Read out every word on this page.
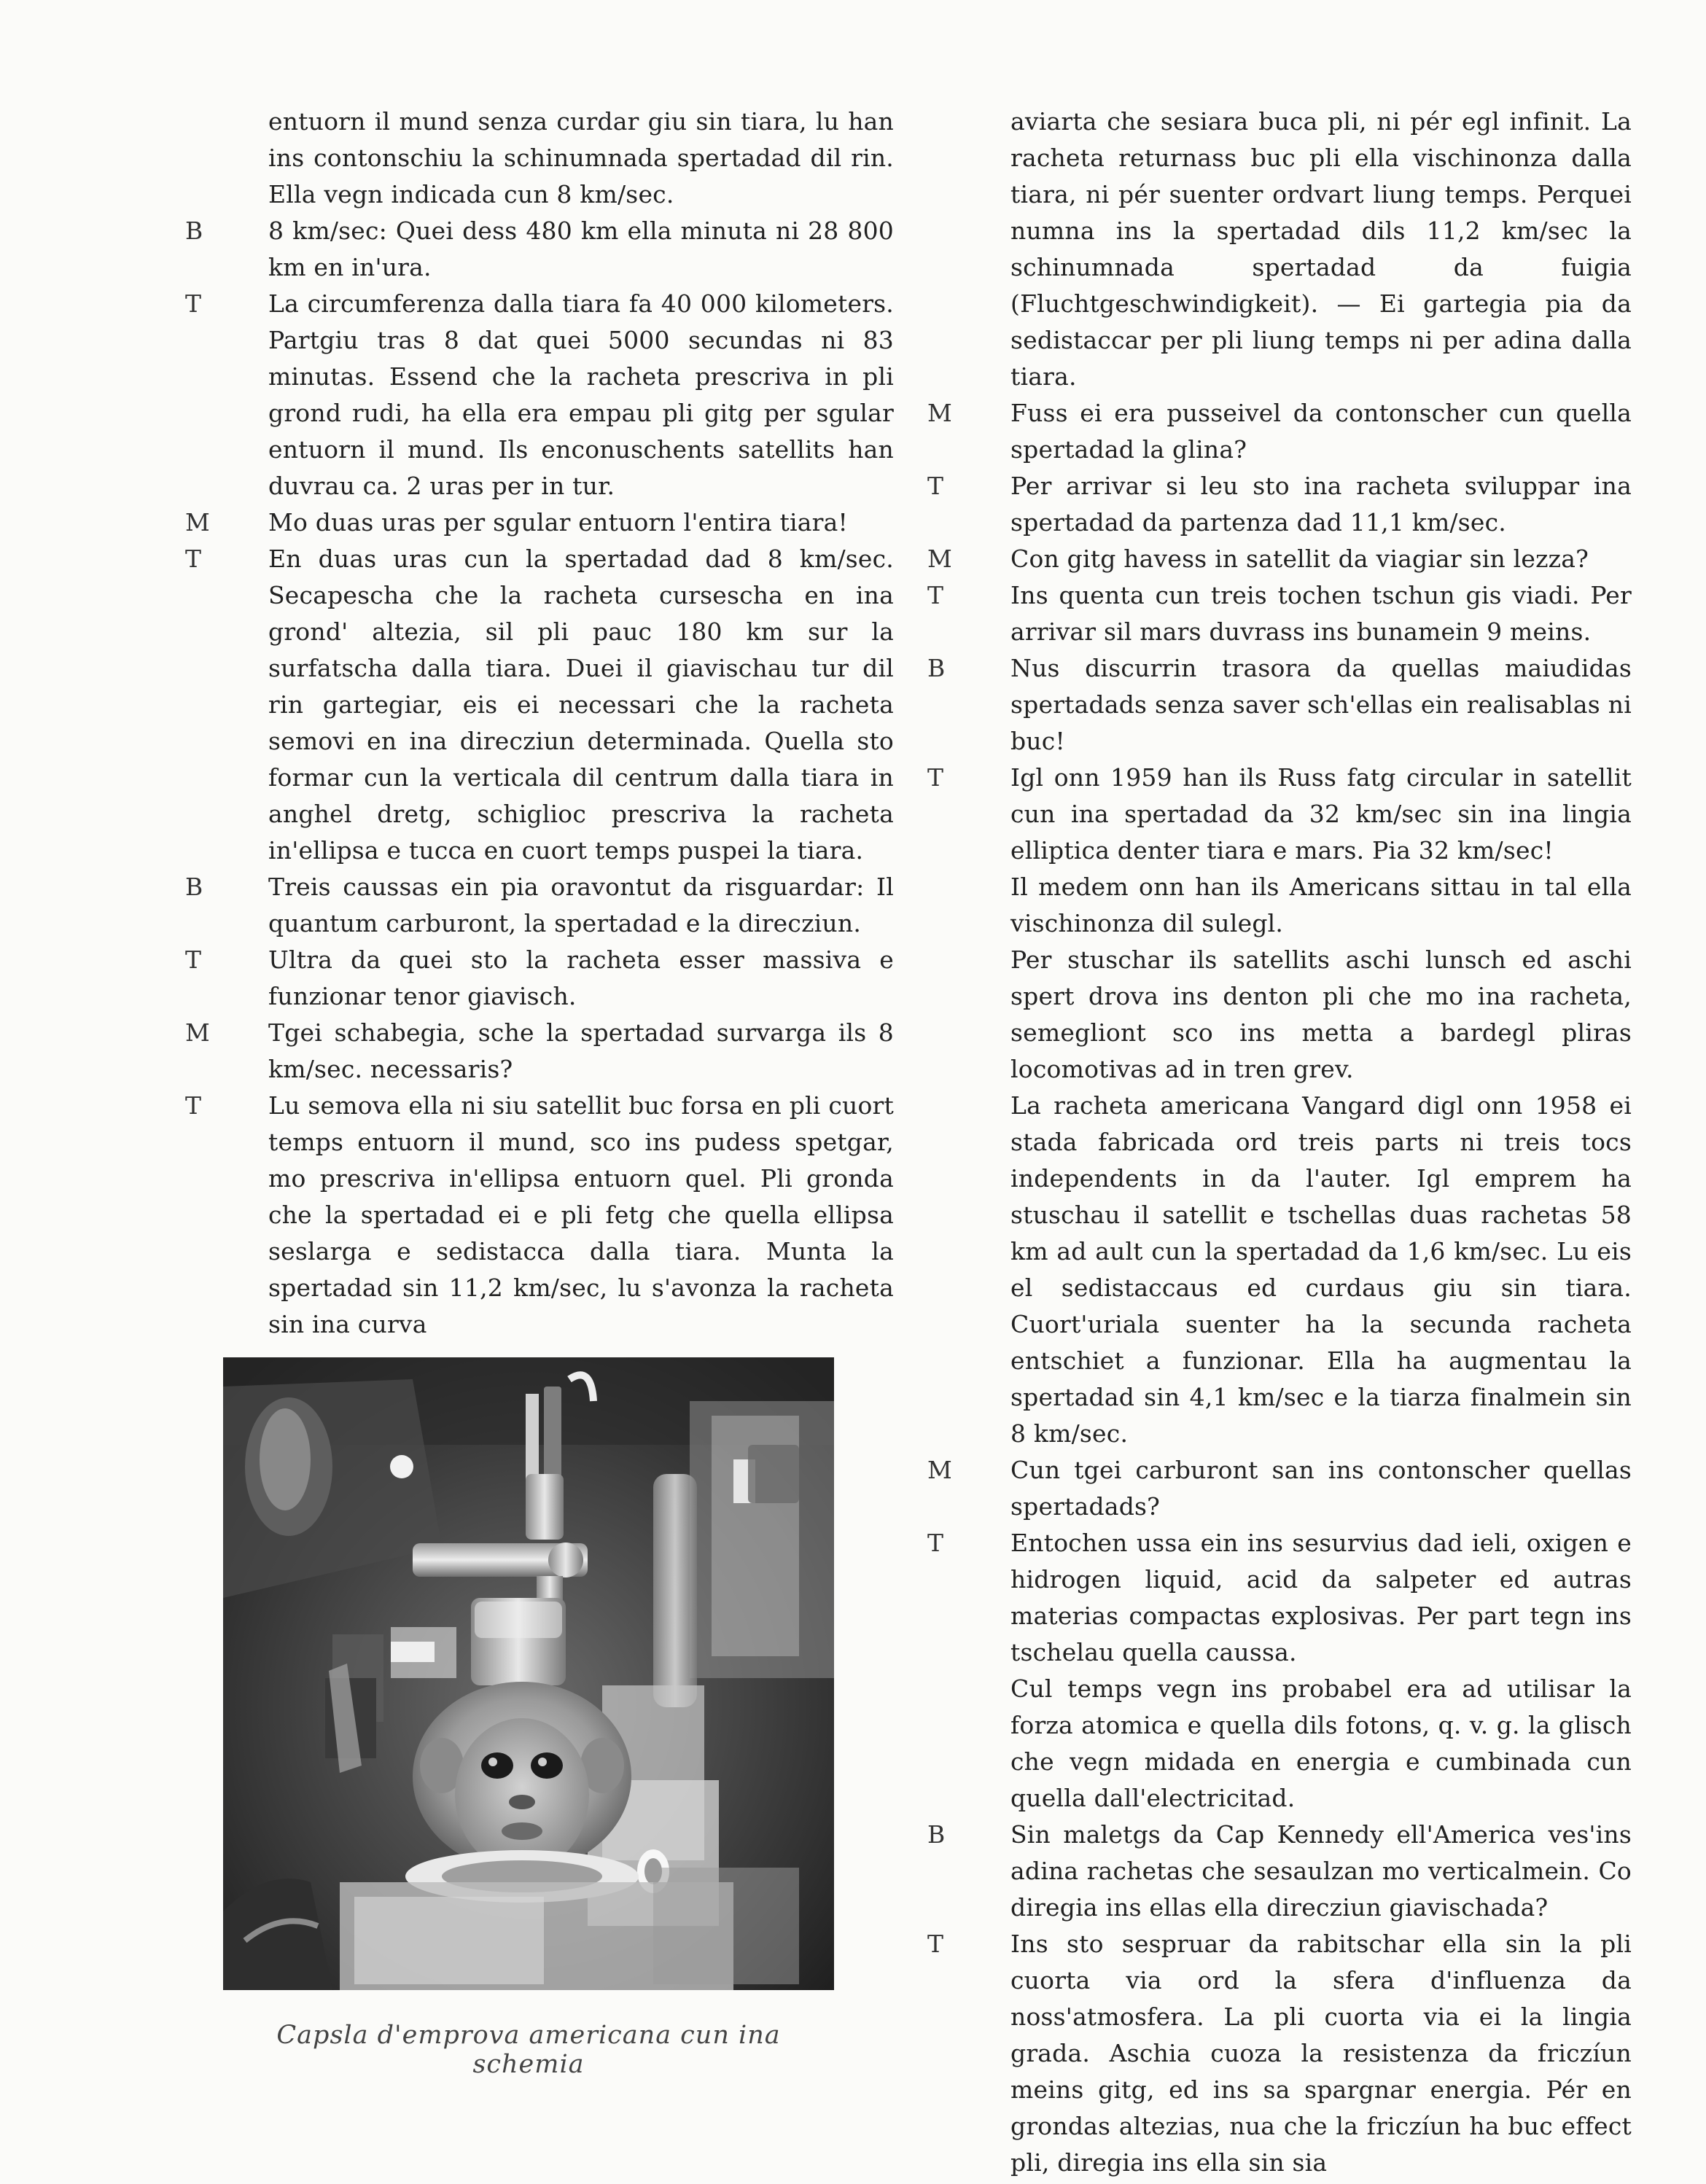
entuorn il mund senza curdar giu sin tiara, lu han ins contonschiu la schinumnada spertadad dil rin. Ella vegn indicada cun 8 km/sec.
B	8 km/sec: Quei dess 480 km ella minuta ni 28 800 km en in'ura.
T	La circumferenza dalla tiara fa 40 000 kilometers. Partgiu tras 8 dat quei 5000 secundas ni 83 minutas. Essend che la racheta prescriva in pli grond rudi, ha ella era empau pli gitg per sgular entuorn il mund. Ils enconuschents satellits han duvrau ca. 2 uras per in tur.
M	Mo duas uras per sgular entuorn l'entira tiara!
T	En duas uras cun la spertadad dad 8 km/sec. Secapescha che la racheta cursescha en ina grond' altezia, sil pli pauc 180 km sur la surfatscha dalla tiara. Duei il giavischau tur dil rin gartegiar, eis ei necessari che la racheta semovi en ina direcziun determinada. Quella sto formar cun la verticala dil centrum dalla tiara in anghel dretg, schiglioc prescriva la racheta in'ellipsa e tucca en cuort temps puspei la tiara.
B	Treis caussas ein pia oravontut da risguardar: Il quantum carburont, la spertadad e la direcziun.
T	Ultra da quei sto la racheta esser massiva e funzionar tenor giavisch.
M	Tgei schabegia, sche la spertadad survarga ils 8 km/sec. necessaris?
T	Lu semova ella ni siu satellit buc forsa en pli cuort temps entuorn il mund, sco ins pudess spetgar, mo prescriva in'ellipsa entuorn quel. Pli gronda che la spertadad ei e pli fetg che quella ellipsa seslarga e sedistacca dalla tiara. Munta la spertadad sin 11,2 km/sec, lu s'avonza la racheta sin ina curva
aviarta che sesiara buca pli, ni pér egl infinit. La racheta returnass buc pli ella vischinonza dalla tiara, ni pér suenter ordvart liung temps. Perquei numna ins la spertadad dils 11,2 km/sec la schinumnada spertadad da fuigia (Fluchtgeschwindigkeit). — Ei gartegia pia da sedistaccar per pli liung temps ni per adina dalla tiara.
M	Fuss ei era pusseivel da contonscher cun quella spertadad la glina?
T	Per arrivar si leu sto ina racheta sviluppar ina spertadad da partenza dad 11,1 km/sec.
M	Con gitg havess in satellit da viagiar sin lezza?
T	Ins quenta cun treis tochen tschun gis viadi. Per arrivar sil mars duvrass ins bunamein 9 meins.
B	Nus discurrin trasora da quellas maiudidas spertadads senza saver sch'ellas ein realisablas ni buc!
T	Igl onn 1959 han ils Russ fatg circular in satellit cun ina spertadad da 32 km/sec sin ina lingia elliptica denter tiara e mars. Pia 32 km/sec!
Il medem onn han ils Americans sittau in tal ella vischinonza dil sulegl.
Per stuschar ils satellits aschi lunsch ed aschi spert drova ins denton pli che mo ina racheta, semegliont sco ins metta a bardegl pliras locomotivas ad in tren grev.
La racheta americana Vangard digl onn 1958 ei stada fabricada ord treis parts ni treis tocs independents in da l'auter. Igl emprem ha stuschau il satellit e tschellas duas rachetas 58 km ad ault cun la spertadad da 1,6 km/sec. Lu eis el sedistaccaus ed curdaus giu sin tiara. Cuort'uriala suenter ha la secunda racheta entschiet a funzionar. Ella ha augmentau la spertadad sin 4,1 km/sec e la tiarza finalmein sin 8 km/sec.
M	Cun tgei carburont san ins contonscher quellas spertadads?
T	Entochen ussa ein ins sesurvius dad ieli, oxigen e hidrogen liquid, acid da salpeter ed autras materias compactas explosivas. Per part tegn ins tschelau quella caussa.
Cul temps vegn ins probabel era ad utilisar la forza atomica e quella dils fotons, q. v. g. la glisch che vegn midada en energia e cumbinada cun quella dall'electricitad.
B	Sin maletgs da Cap Kennedy ell'America ves'ins adina rachetas che sesaulzan mo verticalmein. Co diregia ins ellas ella direcziun giavischada?
T	Ins sto sespruar da rabitschar ella sin la pli cuorta via ord la sfera d'influenza da noss'atmosfera. La pli cuorta via ei la lingia grada. Aschia cuoza la resistenza da friczíun meins gitg, ed ins sa spargnar energia. Pér en grondas altezias, nua che la friczíun ha buc effect pli, diregia ins ella sin sia
Capsla d'emprova americana cun ina schemia
